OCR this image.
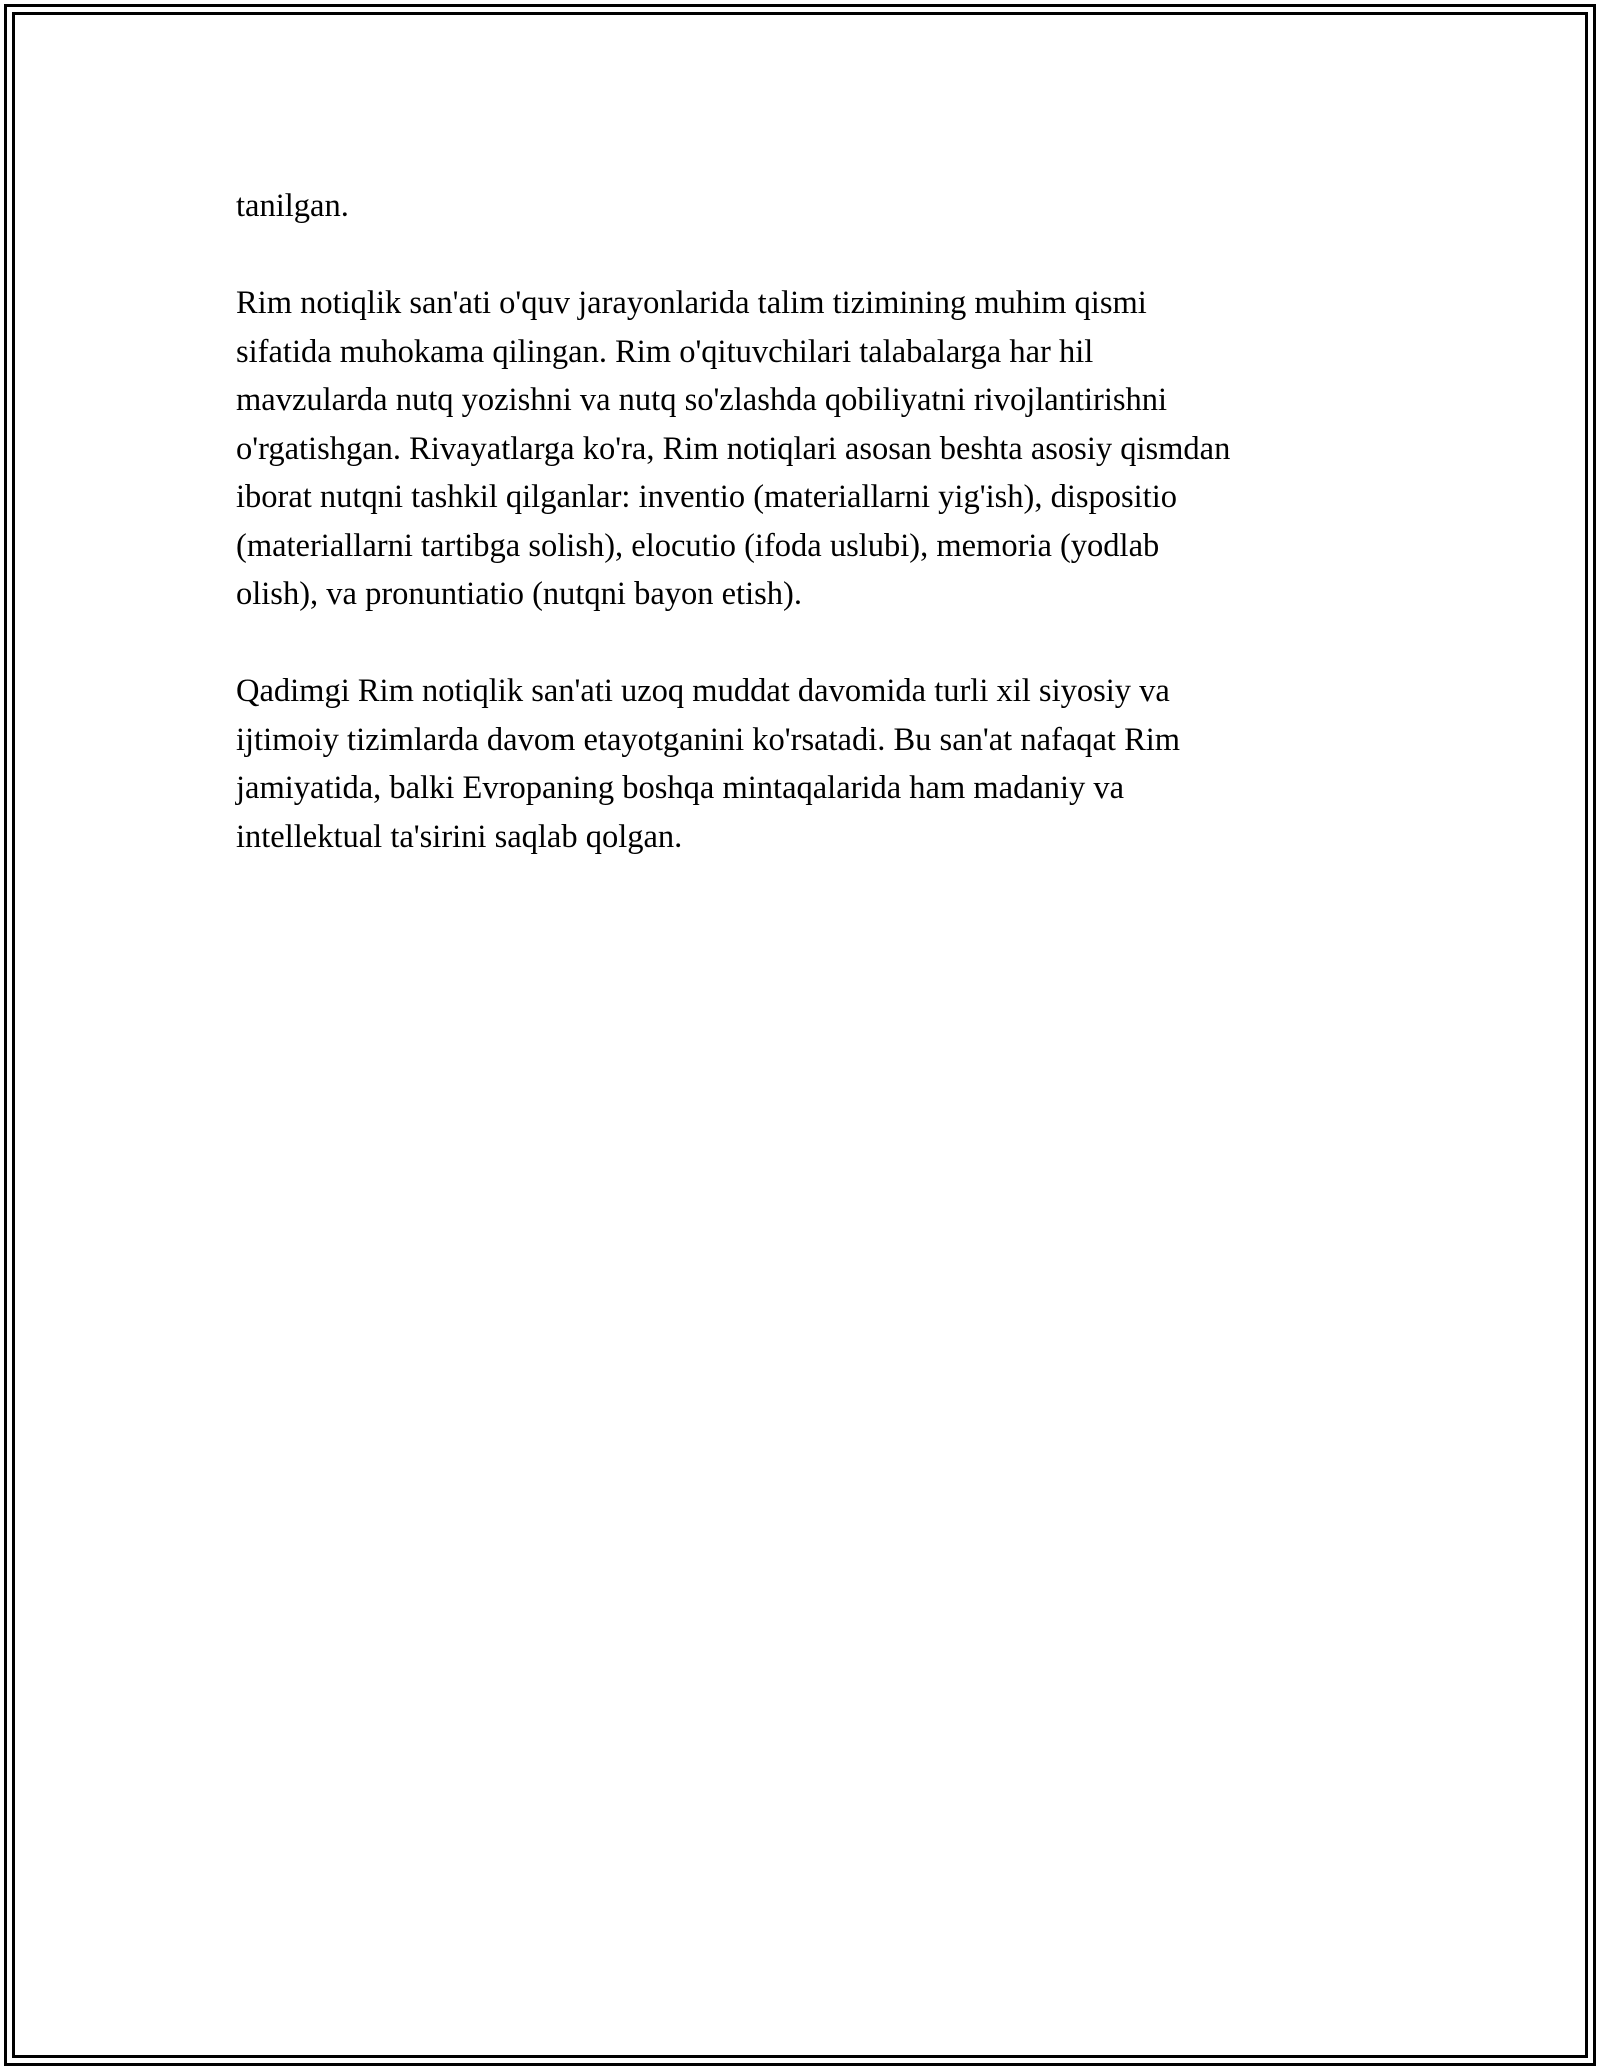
tanilgan.

Rim notiqlik san'ati o'quv jarayonlarida talim tizimining muhim qismi
sifatida muhokama qilingan. Rim o'qituvchilari talabalarga har hil
mavzularda nutq yozishni va nutq so'zlashda qobiliyatni rivojlantirishni
o'rgatishgan. Rivayatlarga ko'ra, Rim notiqlari asosan beshta asosiy qismdan
iborat nutqni tashkil qilganlar: inventio (materiallarni yig'ish), dispositio
(materiallarni tartibga solish), elocutio (ifoda uslubi), memoria (yodlab
olish), va pronuntiatio (nutqni bayon etish).

Qadimgi Rim notiqlik san'ati uzoq muddat davomida turli xil siyosiy va
ijtimoiy tizimlarda davom etayotganini ko'rsatadi. Bu san'at nafaqat Rim
jamiyatida, balki Evropaning boshqa mintaqalarida ham madaniy va
intellektual ta'sirini saqlab qolgan.
